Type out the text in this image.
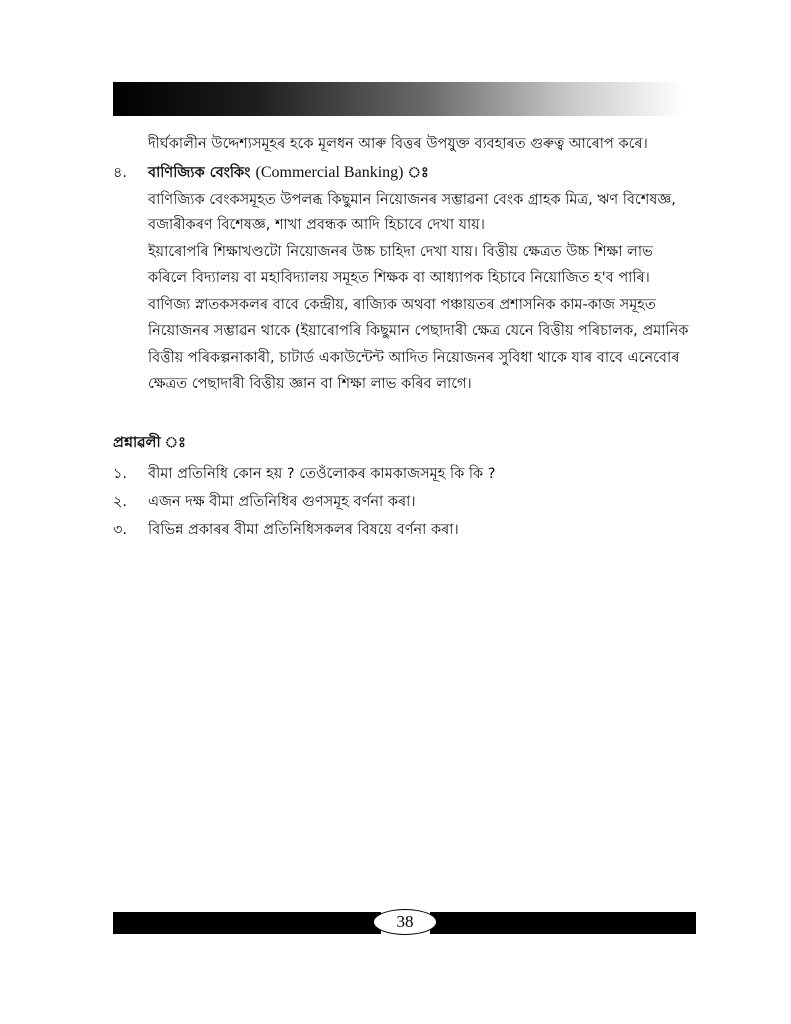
দীৰ্ঘকালীন উদ্দেশ্যসমূহৰ হকে মূলধন আৰু বিত্তৰ উপযুক্ত ব্যবহাৰত গুৰুত্ব আৰোপ কৰে।
৪. বাণিজ্যিক বেংকিং (Commercial Banking)
বাণিজ্যিক বেংকসমূহত উপলব্ধ কিছুমান নিয়োজনৰ সম্ভাৱনা বেংক গ্ৰাহক মিত্ৰ, ঋণ বিশেষজ্ঞ,
বজাৰীকৰণ বিশেষজ্ঞ, শাখা প্ৰবন্ধক আদি হিচাবে দেখা যায়।
ইয়াৰোপৰি শিক্ষাখণ্ডটো নিয়োজনৰ উচ্চ চাহিদা দেখা যায়। বিত্তীয় ক্ষেত্ৰত উচ্চ শিক্ষা লাভ
কৰিলে বিদ্যালয় বা মহাবিদ্যালয় সমূহত শিক্ষক বা আধ্যাপক হিচাবে নিয়োজিত হ'ব পাৰি।
বাণিজ্য স্নাতকসকলৰ বাবে কেন্দ্ৰীয়, ৰাজ্যিক অথবা পঞ্চায়তৰ প্ৰশাসনিক কাম-কাজ সমূহত
নিয়োজনৰ সম্ভাৱন থাকে (ইয়াৰোপৰি কিছুমান পেছাদাৰী ক্ষেত্ৰ যেনে বিত্তীয় পৰিচালক, প্ৰমানিক
বিত্তীয় পৰিকল্পনাকাৰী, চাটাৰ্ড একাউন্টেন্ট আদিত নিয়োজনৰ সুবিধা থাকে যাৰ বাবে এনেবোৰ
ক্ষেত্ৰত পেছাদাৰী বিত্তীয় জ্ঞান বা শিক্ষা লাভ কৰিব লাগে।
প্ৰশ্নাৱলী ঃ
১. বীমা প্ৰতিনিধি কোন হয় ? তেওঁলোকৰ কামকাজসমূহ কি কি ?
২. এজন দক্ষ বীমা প্ৰতিনিধিৰ গুণসমূহ বৰ্ণনা কৰা।
৩. বিভিন্ন প্ৰকাৰৰ বীমা প্ৰতিনিধিসকলৰ বিষয়ে বৰ্ণনা কৰা।
38
